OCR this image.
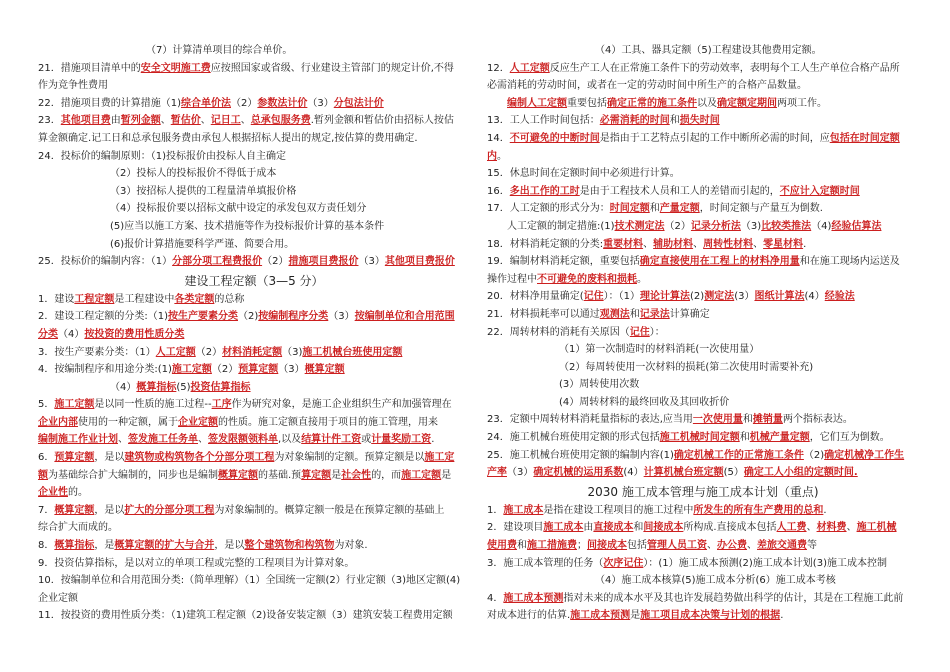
（7）计算清单项目的综合单价。
21．措施项目清单中的安全文明施工费应按照国家或省级、行业建设主管部门的规定计价,不得
作为竞争性费用
22．措施项目费的计算措施（1)综合单价法（2）参数法计价（3）分包法计价
23．其他项目费由暂列金额、暂估价、记日工、总承包服务费.暂列金额和暂估价由招标人按估
算金额确定.记工日和总承包服务费由承包人根据招标人提出的规定,按估算的费用确定.
24．投标价的编制原则：（1)投标报价由投标人自主确定
（2）投标人的投标报价不得低于成本
（3）按招标人提供的工程量清单填报价格
（4）投标报价要以招标文献中设定的承发包双方责任划分
(5)应当以施工方案、技术措施等作为投标报价计算的基本条件
(6)报价计算措施要科学严谨、简要合用。
25．投标价的编制内容：（1）分部分项工程费报价（2）措施项目费报价（3）其他项目费报价
建设工程定额（3—5 分）
1．建设工程定额是工程建设中各类定额的总称
2．建设工程定额的分类:（1)按生产要素分类（2)按编制程序分类（3）按编制单位和合用范围
分类（4）按投资的费用性质分类
3．按生产要素分类：（1）人工定额（2）材料消耗定额（3)施工机械台班使用定额
4．按编制程序和用途分类:(1)施工定额（2）预算定额（3）概算定额
（4）概算指标(5)投资估算指标
5．施工定额是以同一性质的施工过程--工序作为研究对象，是施工企业组织生产和加强管理在
企业内部使用的一种定额，属于企业定额的性质。施工定额直接用于项目的施工管理，用来
编制施工作业计划、签发施工任务单、签发限额领料单,以及结算计件工资或计量奖励工资.
6．预算定额，是以建筑物或构筑物各个分部分项工程为对象编制的定额。预算定额是以施工定
额为基础综合扩大编制的，同步也是编制概算定额的基础.预算定额是社会性的，而施工定额是
企业性的。
7．概算定额，是以扩大的分部分项工程为对象编制的。概算定额一般是在预算定额的基础上
综合扩大而成的。
8．概算指标，是概算定额的扩大与合并，是以整个建筑物和构筑物为对象.
9．投资估算指标，是以对立的单项工程或完整的工程项目为计算对象。
10．按编制单位和合用范围分类:（简单理解）（1）全国统一定额(2）行业定额（3)地区定额(4)
企业定额
11．按投资的费用性质分类：（1)建筑工程定额（2)设备安装定额（3）建筑安装工程费用定额
（4）工具、器具定额（5)工程建设其他费用定额。
12．人工定额反应生产工人在正常施工条件下的劳动效率，表明每个工人生产单位合格产品所
必需消耗的劳动时间，或者在一定的劳动时间中所生产的合格产品数量。
编制人工定额重要包括确定正常的施工条件以及确定额定期间两项工作。
13．工人工作时间包括：必需消耗的时间和损失时间
14．不可避免的中断时间是指由于工艺特点引起的工作中断所必需的时间，应包括在时间定额
内。
15．休息时间在定额时间中必须进行计算。
16．多出工作的工时是由于工程技术人员和工人的差错而引起的，不应计入定额时间
17．人工定额的形式分为：时间定额和产量定额，时间定额与产量互为倒数.
人工定额的制定措施:(1)技术测定法（2）记录分析法（3)比较类推法（4)经验估算法
18．材料消耗定额的分类:重要材料、辅助材料、周转性材料、零星材料.
19．编制材料消耗定额，重要包括确定直接使用在工程上的材料净用量和在施工现场内运送及
操作过程中不可避免的废料和损耗。
20．材料净用量确定(记住）：（1）理论计算法(2)测定法(3）图纸计算法(4）经验法
21．材料损耗率可以通过观测法和记录法计算确定
22．周转材料的消耗有关原因（记住）：
（1）第一次制造时的材料消耗(一次使用量）
（2）每周转使用一次材料的损耗(第二次使用时需要补充)
(3）周转使用次数
(4）周转材料的最终回收及其回收折价
23．定额中周转材料消耗量指标的表达,应当用一次使用量和摊销量两个指标表达。
24．施工机械台班使用定额的形式包括施工机械时间定额和机械产量定额，它们互为倒数。
25．施工机械台班使用定额的编制内容(1)确定机械工作的正常施工条件（2)确定机械净工作生
产率（3）确定机械的运用系数(4）计算机械台班定额(5）确定工人小组的定额时间.
2030 施工成本管理与施工成本计划（重点)
1．施工成本是指在建设工程项目的施工过程中所发生的所有生产费用的总和.
2．建设项目施工成本由直接成本和间接成本所构成.直接成本包括人工费、材料费、施工机械
使用费和施工措施费；间接成本包括管理人员工资、办公费、差旅交通费等
3．施工成本管理的任务（次序记住）：(1）施工成本预测(2)施工成本计划(3)施工成本控制
（4）施工成本核算(5)施工成本分析(6）施工成本考核
4．施工成本预测指对未来的成本水平及其也许发展趋势做出科学的估计，其是在工程施工此前
对成本进行的估算.施工成本预测是施工项目成本决策与计划的根据.
